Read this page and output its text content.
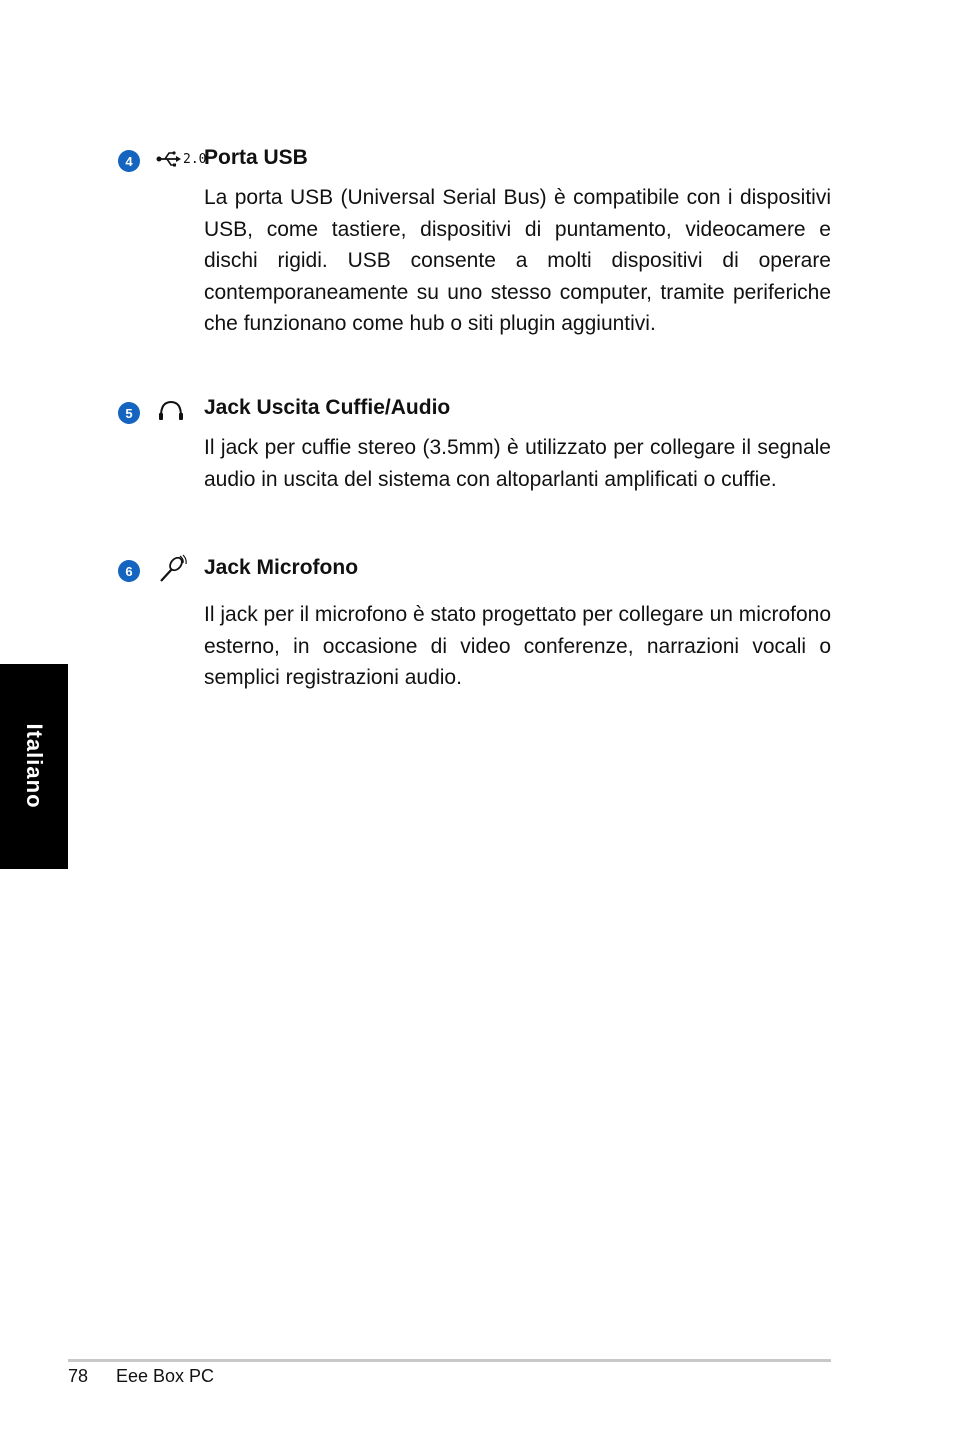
Italiano
4	2.0
Porta USB
La porta USB (Universal Serial Bus) è compatibile con i dispositivi USB, come tastiere, dispositivi di puntamento, videocamere e dischi rigidi. USB consente a molti dispositivi di operare contemporaneamente su uno stesso computer, tramite periferiche che funzionano come hub o siti plugin aggiuntivi.
5	Jack Uscita Cuffie/Audio
Il jack per cuffie stereo (3.5mm) è utilizzato per collegare il segnale audio in uscita del sistema con altoparlanti amplificati o cuffie.
6	Jack Microfono
Il jack per il microfono è stato progettato per collegare un microfono esterno, in occasione di video conferenze, narrazioni vocali o semplici registrazioni audio.
78 Eee Box PC
